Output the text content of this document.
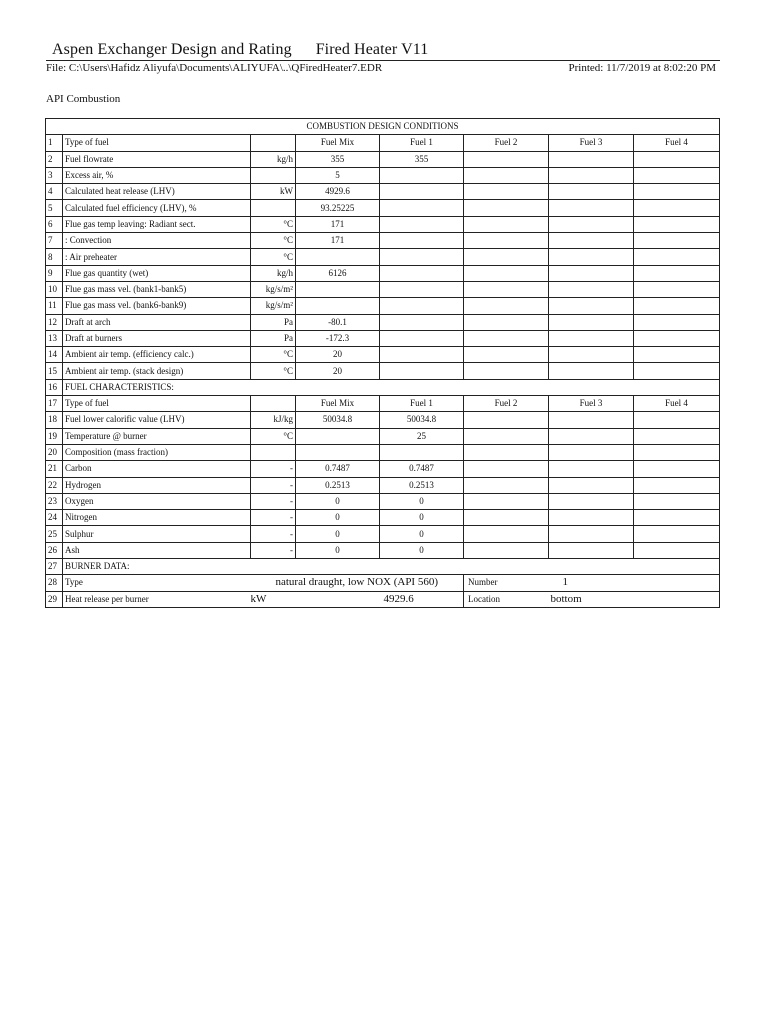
Aspen Exchanger Design and Rating Fired Heater V11
File: C:\Users\Hafidz Aliyufa\Documents\ALIYUFA\..\QFiredHeater7.EDR	Printed: 11/7/2019 at 8:02:20 PM
API Combustion
COMBUSTION DESIGN CONDITIONS							
1	Type of fuel		Fuel Mix	Fuel 1	Fuel 2	Fuel 3	Fuel 4
2	Fuel flowrate	kg/h	355	355			
3	Excess air, %		5				
4	Calculated heat release (LHV)	kW	4929.6				
5	Calculated fuel efficiency (LHV), %		93.25225				
6	Flue gas temp leaving: Radiant sect.	°C	171				
7	: Convection	°C	171				
8	: Air preheater	°C					
9	Flue gas quantity (wet)	kg/h	6126				
10	Flue gas mass vel. (bank1-bank5)	kg/s/m²					
11	Flue gas mass vel. (bank6-bank9)	kg/s/m²					
12	Draft at arch	Pa	-80.1				
13	Draft at burners	Pa	-172.3				
14	Ambient air temp. (efficiency calc.)	°C	20				
15	Ambient air temp. (stack design)	°C	20				
16	FUEL CHARACTERISTICS:						
17	Type of fuel		Fuel Mix	Fuel 1	Fuel 2	Fuel 3	Fuel 4
18	Fuel lower calorific value (LHV)	kJ/kg	50034.8	50034.8			
19	Temperature @ burner	°C		25			
20	Composition (mass fraction)						
21	Carbon	-	0.7487	0.7487			
22	Hydrogen	-	0.2513	0.2513			
23	Oxygen	-	0	0			
24	Nitrogen	-	0	0			
25	Sulphur	-	0	0			
26	Ash	-	0	0			
27	BURNER DATA:						
28	Type	natural draught, low NOX (API 560)			Number	1	
29	Heat release per burner	kW		4929.6	Location	bottom	
